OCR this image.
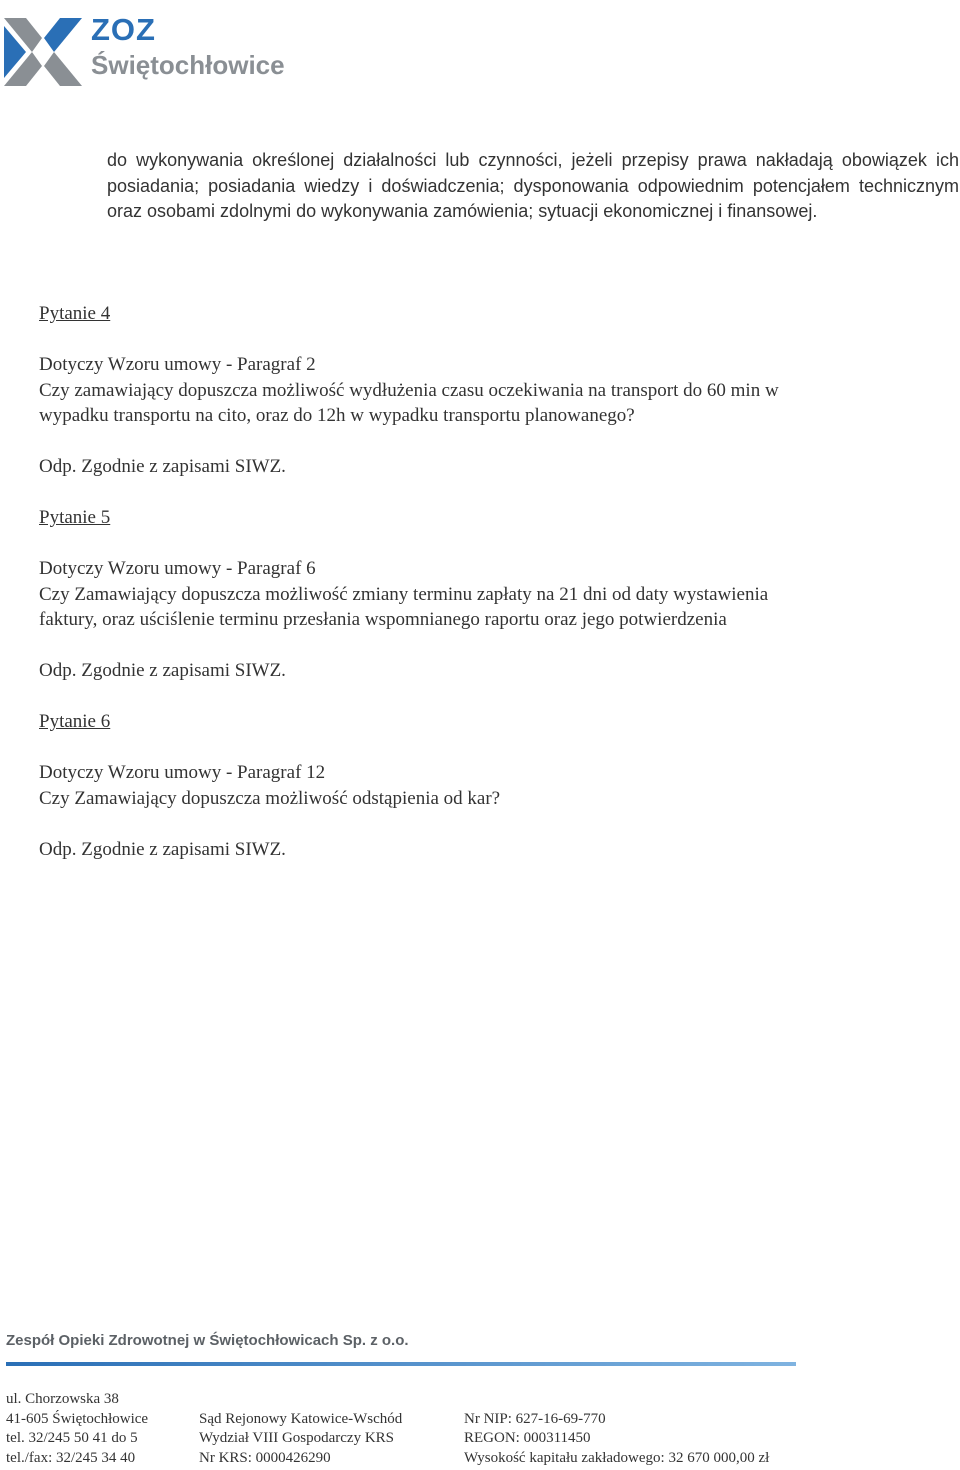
ZOZ
Świętochłowice
do wykonywania określonej działalności lub czynności, jeżeli przepisy prawa nakładają obowiązek ich posiadania; posiadania wiedzy i doświadczenia; dysponowania odpowiednim potencjałem technicznym oraz osobami zdolnymi do wykonywania zamówienia; sytuacji ekonomicznej i finansowej.
Pytanie 4
Dotyczy Wzoru umowy - Paragraf 2
Czy zamawiający dopuszcza możliwość wydłużenia czasu oczekiwania na transport do 60 min w
wypadku transportu na cito, oraz do 12h w wypadku transportu planowanego?
Odp. Zgodnie z zapisami SIWZ.
Pytanie 5
Dotyczy Wzoru umowy - Paragraf 6
Czy Zamawiający dopuszcza możliwość zmiany terminu zapłaty na 21 dni od daty wystawienia
faktury, oraz uściślenie terminu przesłania wspomnianego raportu oraz jego potwierdzenia
Odp. Zgodnie z zapisami SIWZ.
Pytanie 6
Dotyczy Wzoru umowy - Paragraf 12
Czy Zamawiający dopuszcza możliwość odstąpienia od kar?
Odp. Zgodnie z zapisami SIWZ.
Zespół Opieki Zdrowotnej w Świętochłowicach Sp. z o.o.
ul. Chorzowska 38
41-605 Świętochłowice
tel. 32/245 50 41 do 5
tel./fax: 32/245 34 40
Sąd Rejonowy Katowice-Wschód
Wydział VIII Gospodarczy KRS
Nr KRS: 0000426290
Nr NIP: 627-16-69-770
REGON: 000311450
Wysokość kapitału zakładowego: 32 670 000,00 zł
